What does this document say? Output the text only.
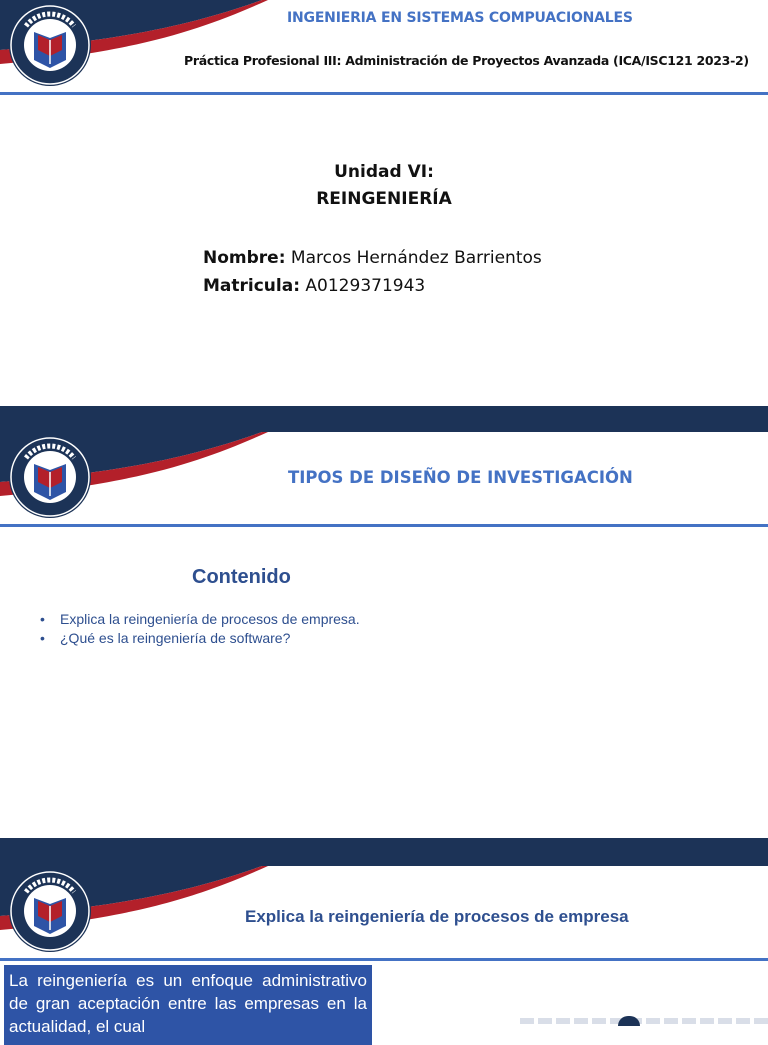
INGENIERIA EN SISTEMAS COMPUACIONALES
Práctica Profesional III: Administración de Proyectos Avanzada (ICA/ISC121 2023-2)
Unidad VI:
REINGENIERÍA
Nombre: Marcos Hernández Barrientos
Matricula: A0129371943
TIPOS DE DISEÑO DE INVESTIGACIÓN
Contenido
•	Explica la reingeniería de procesos de empresa.
•	¿Qué es la reingeniería de software?
Explica la reingeniería de procesos de empresa
La reingeniería es un enfoque administrativo de gran aceptación entre las empresas en la actualidad, el cual
